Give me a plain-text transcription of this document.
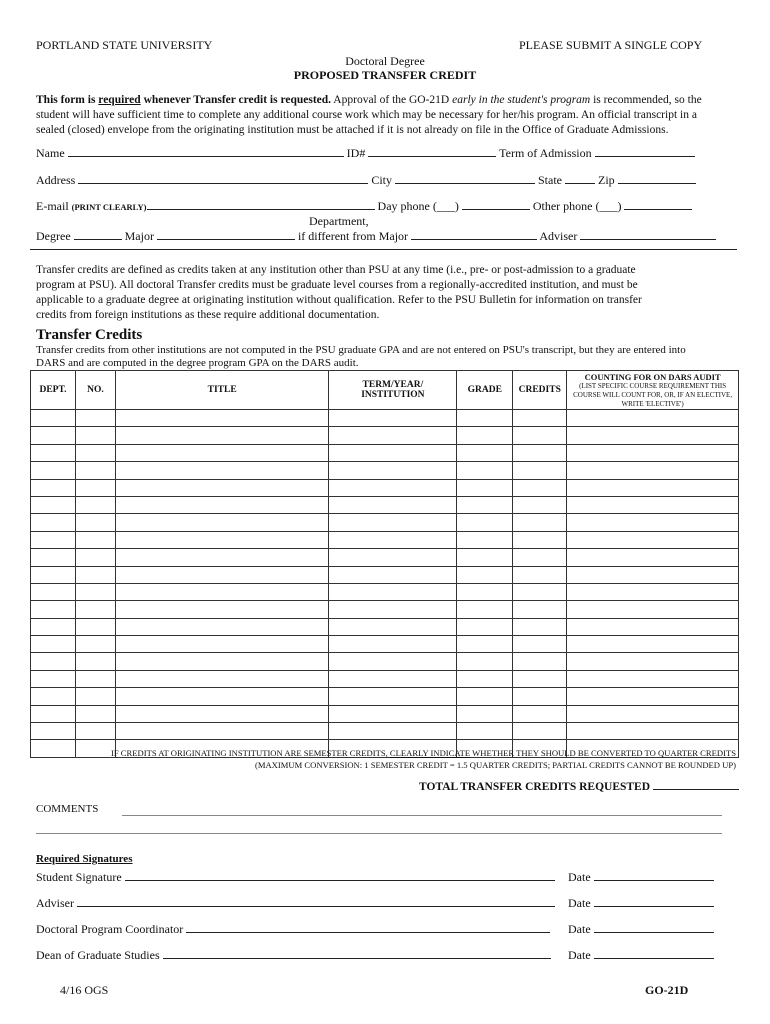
PORTLAND STATE UNIVERSITY	PLEASE SUBMIT A SINGLE COPY
Doctoral Degree
PROPOSED TRANSFER CREDIT
This form is required whenever Transfer credit is requested. Approval of the GO-21D early in the student's program is recommended, so the
student will have sufficient time to complete any additional course work which may be necessary for her/his program. An official transcript in a
sealed (closed) envelope from the originating institution must be attached if it is not already on file in the Office of Graduate Admissions.
Name	ID#	Term of Admission
Address	City	State	Zip
E-mail (PRINT CLEARLY)	Day phone (___)	Other phone (___)
Department,
Degree	Major	if different from Major	Adviser
Transfer credits are defined as credits taken at any institution other than PSU at any time (i.e., pre- or post-admission to a graduate
program at PSU). All doctoral Transfer credits must be graduate level courses from a regionally-accredited institution, and must be
applicable to a graduate degree at originating institution without qualification. Refer to the PSU Bulletin for information on transfer
credits from foreign institutions as these require additional documentation.
Transfer Credits
Transfer credits from other institutions are not computed in the PSU graduate GPA and are not entered on PSU's transcript, but they are entered into
DARS and are computed in the degree program GPA on the DARS audit.
DEPT.	NO.	TITLE	TERM/YEAR/ INSTITUTION	GRADE	CREDITS	COUNTING FOR ON DARS AUDIT
(LIST SPECIFIC COURSE REQUIREMENT THIS COURSE WILL COUNT FOR, OR, IF AN ELECTIVE, WRITE 'ELECTIVE')

IF CREDITS AT ORIGINATING INSTITUTION ARE SEMESTER CREDITS, CLEARLY INDICATE WHETHER THEY SHOULD BE CONVERTED TO QUARTER CREDITS
(MAXIMUM CONVERSION: 1 SEMESTER CREDIT = 1.5 QUARTER CREDITS; PARTIAL CREDITS CANNOT BE ROUNDED UP)
TOTAL TRANSFER CREDITS REQUESTED
COMMENTS
Required Signatures
Student Signature	Date
Adviser	Date
Doctoral Program Coordinator	Date
Dean of Graduate Studies	Date
4/16 OGS	GO-21D
